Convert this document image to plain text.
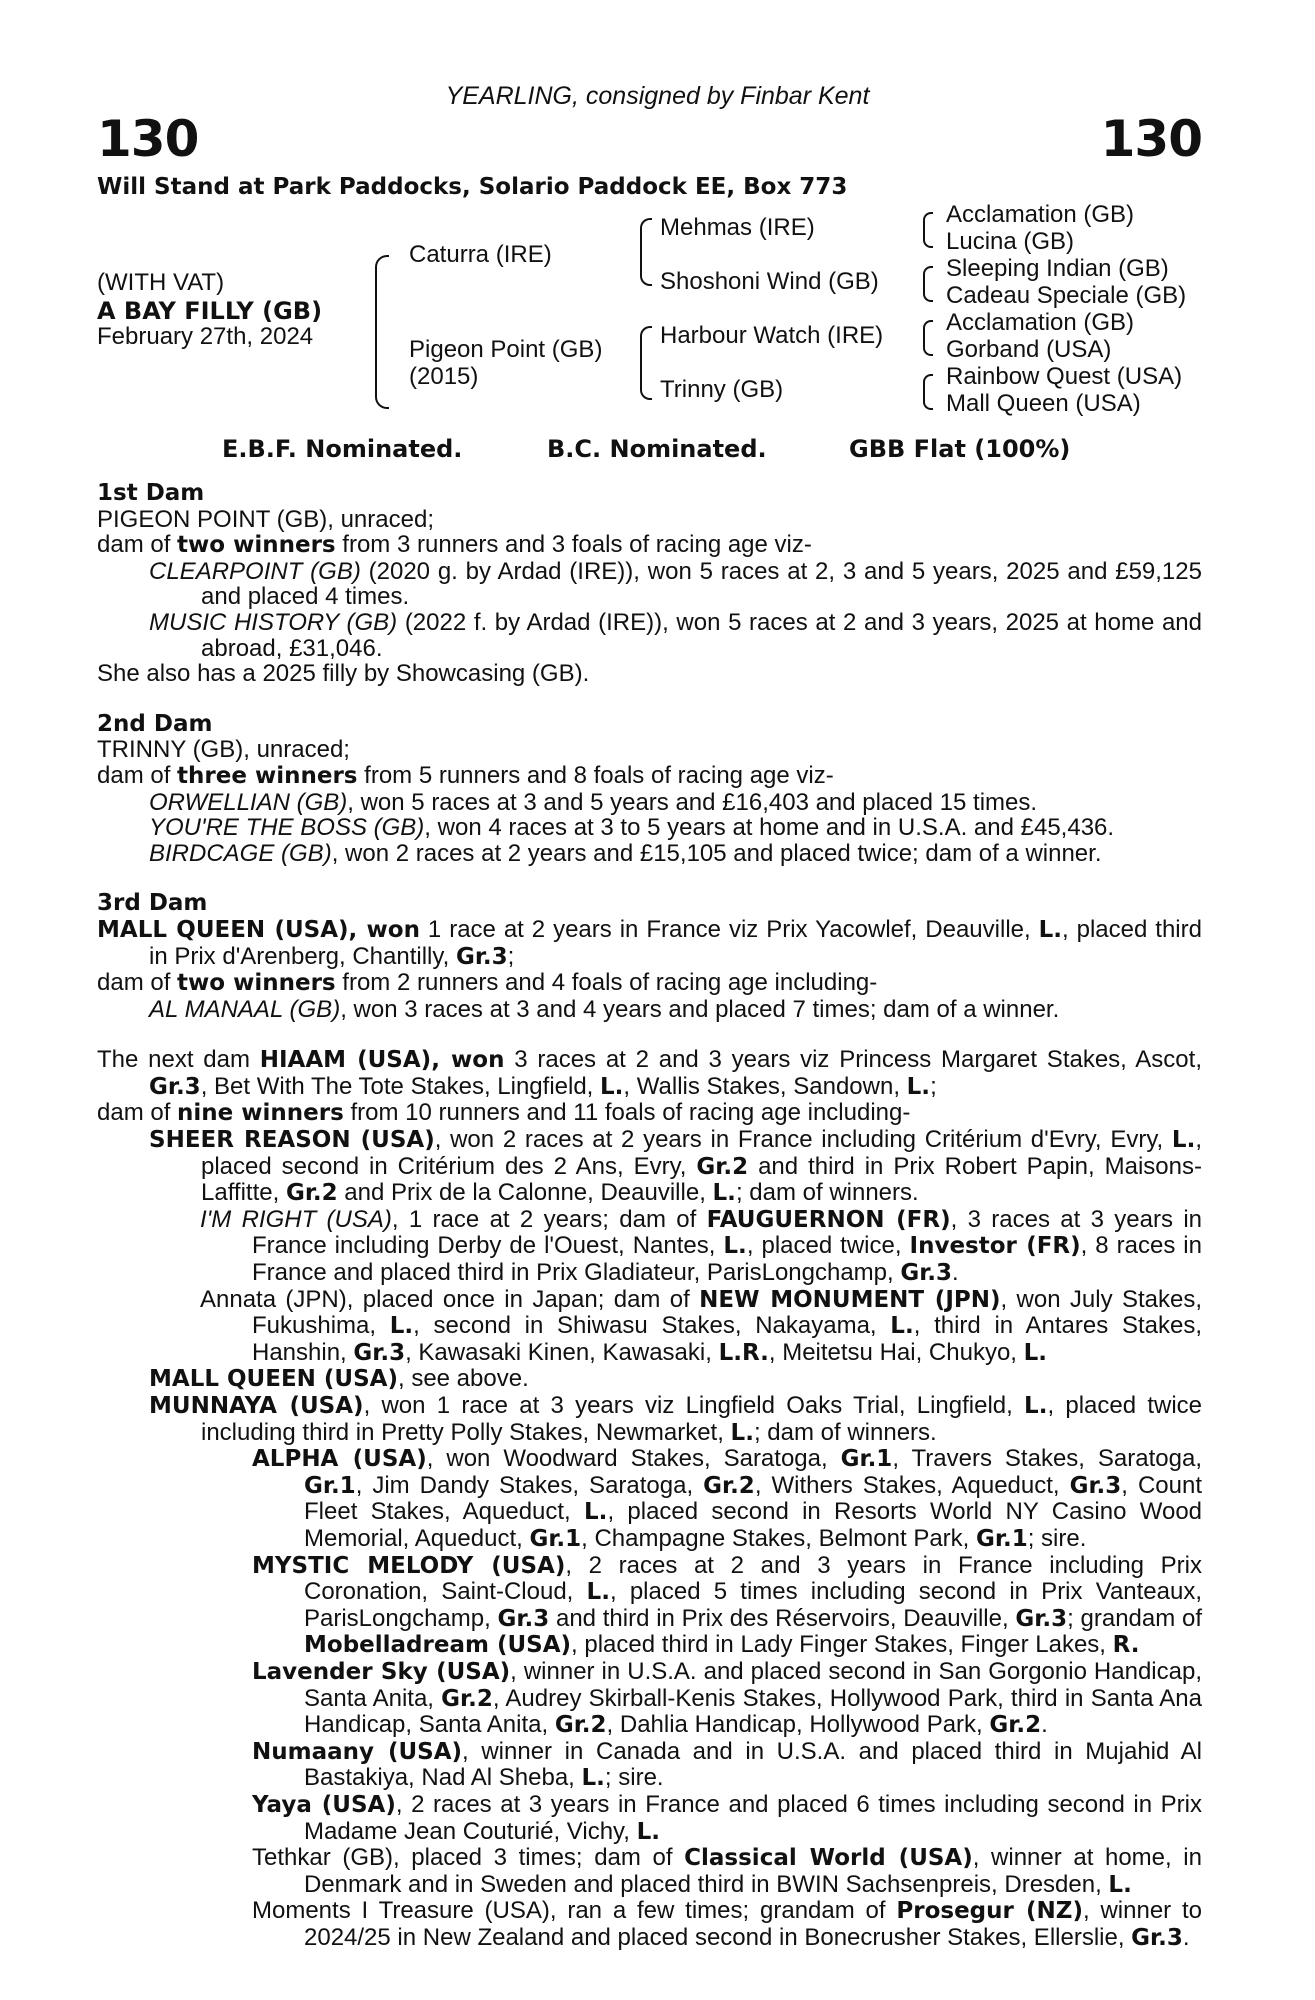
YEARLING, consigned by Finbar Kent
130	130
Will Stand at Park Paddocks, Solario Paddock EE, Box 773
(WITH VAT)
A BAY FILLY (GB)
February 27th, 2024
Caturra (IRE)
Pigeon Point (GB)
(2015)
Mehmas (IRE)
Shoshoni Wind (GB)
Harbour Watch (IRE)
Trinny (GB)
Acclamation (GB)
Lucina (GB)
Sleeping Indian (GB)
Cadeau Speciale (GB)
Acclamation (GB)
Gorband (USA)
Rainbow Quest (USA)
Mall Queen (USA)
E.B.F. Nominated.	B.C. Nominated.	GBB Flat (100%)

1st Dam

PIGEON POINT (GB), unraced;

dam of two winners from 3 runners and 3 foals of racing age viz-

CLEARPOINT (GB) (2020 g. by Ardad (IRE)), won 5 races at 2, 3 and 5 years, 2025 and £59,125 and placed 4 times.

MUSIC HISTORY (GB) (2022 f. by Ardad (IRE)), won 5 races at 2 and 3 years, 2025 at home and abroad, £31,046.

She also has a 2025 filly by Showcasing (GB).

2nd Dam

TRINNY (GB), unraced;

dam of three winners from 5 runners and 8 foals of racing age viz-

ORWELLIAN (GB), won 5 races at 3 and 5 years and £16,403 and placed 15 times.

YOU'RE THE BOSS (GB), won 4 races at 3 to 5 years at home and in U.S.A. and £45,436.

BIRDCAGE (GB), won 2 races at 2 years and £15,105 and placed twice; dam of a winner.

3rd Dam

MALL QUEEN (USA), won 1 race at 2 years in France viz Prix Yacowlef, Deauville, L., placed third in Prix d'Arenberg, Chantilly, Gr.3;

dam of two winners from 2 runners and 4 foals of racing age including-

AL MANAAL (GB), won 3 races at 3 and 4 years and placed 7 times; dam of a winner.

The next dam HIAAM (USA), won 3 races at 2 and 3 years viz Princess Margaret Stakes, Ascot, Gr.3, Bet With The Tote Stakes, Lingfield, L., Wallis Stakes, Sandown, L.;

dam of nine winners from 10 runners and 11 foals of racing age including-

SHEER REASON (USA), won 2 races at 2 years in France including Critérium d'Evry, Evry, L., placed second in Critérium des 2 Ans, Evry, Gr.2 and third in Prix Robert Papin, Maisons-Laffitte, Gr.2 and Prix de la Calonne, Deauville, L.; dam of winners.

I'M RIGHT (USA), 1 race at 2 years; dam of FAUGUERNON (FR), 3 races at 3 years in France including Derby de l'Ouest, Nantes, L., placed twice, Investor (FR), 8 races in France and placed third in Prix Gladiateur, ParisLongchamp, Gr.3.

Annata (JPN), placed once in Japan; dam of NEW MONUMENT (JPN), won July Stakes, Fukushima, L., second in Shiwasu Stakes, Nakayama, L., third in Antares Stakes, Hanshin, Gr.3, Kawasaki Kinen, Kawasaki, L.R., Meitetsu Hai, Chukyo, L.

MALL QUEEN (USA), see above.

MUNNAYA (USA), won 1 race at 3 years viz Lingfield Oaks Trial, Lingfield, L., placed twice including third in Pretty Polly Stakes, Newmarket, L.; dam of winners.

ALPHA (USA), won Woodward Stakes, Saratoga, Gr.1, Travers Stakes, Saratoga, Gr.1, Jim Dandy Stakes, Saratoga, Gr.2, Withers Stakes, Aqueduct, Gr.3, Count Fleet Stakes, Aqueduct, L., placed second in Resorts World NY Casino Wood Memorial, Aqueduct, Gr.1, Champagne Stakes, Belmont Park, Gr.1; sire.

MYSTIC MELODY (USA), 2 races at 2 and 3 years in France including Prix Coronation, Saint-Cloud, L., placed 5 times including second in Prix Vanteaux, ParisLongchamp, Gr.3 and third in Prix des Réservoirs, Deauville, Gr.3; grandam of Mobelladream (USA), placed third in Lady Finger Stakes, Finger Lakes, R.

Lavender Sky (USA), winner in U.S.A. and placed second in San Gorgonio Handicap, Santa Anita, Gr.2, Audrey Skirball-Kenis Stakes, Hollywood Park, third in Santa Ana Handicap, Santa Anita, Gr.2, Dahlia Handicap, Hollywood Park, Gr.2.

Numaany (USA), winner in Canada and in U.S.A. and placed third in Mujahid Al Bastakiya, Nad Al Sheba, L.; sire.

Yaya (USA), 2 races at 3 years in France and placed 6 times including second in Prix Madame Jean Couturié, Vichy, L.

Tethkar (GB), placed 3 times; dam of Classical World (USA), winner at home, in Denmark and in Sweden and placed third in BWIN Sachsenpreis, Dresden, L.

Moments I Treasure (USA), ran a few times; grandam of Prosegur (NZ), winner to 2024/25 in New Zealand and placed second in Bonecrusher Stakes, Ellerslie, Gr.3.
